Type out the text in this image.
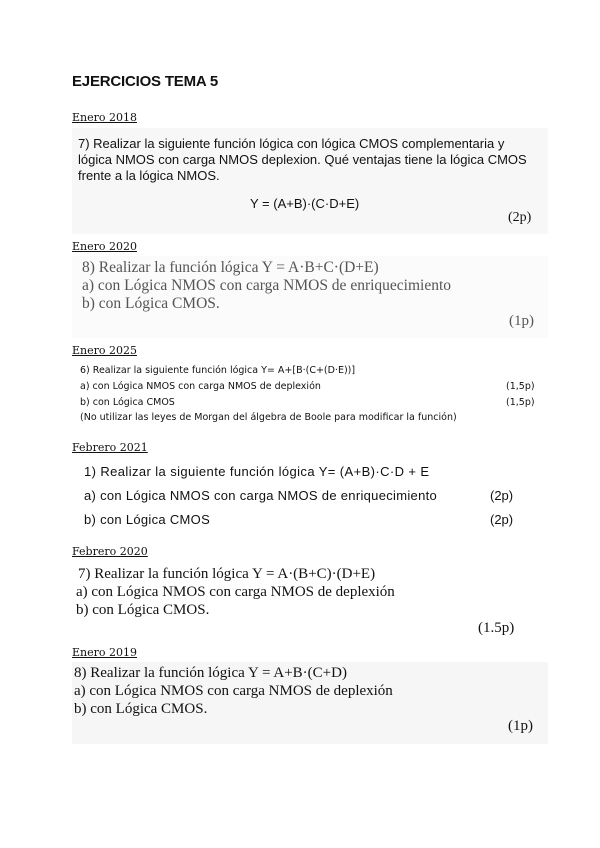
EJERCICIOS TEMA 5
Enero 2018
7) Realizar la siguiente función lógica con lógica CMOS complementaria y
lógica NMOS con carga NMOS deplexion. Qué ventajas tiene la lógica CMOS
frente a la lógica NMOS.
Y = (A+B)·(C·D+E)
(2p)
Enero 2020
8) Realizar la función lógica Y = A·B+C·(D+E)
a) con Lógica NMOS con carga NMOS de enriquecimiento
b) con Lógica CMOS.
(1p)
Enero 2025
6) Realizar la siguiente función lógica Y= A+[B·(C+(D·E))]
a) con Lógica NMOS con carga NMOS de deplexión
b) con Lógica CMOS
(No utilizar las leyes de Morgan del álgebra de Boole para modificar la función)
(1,5p)
(1,5p)
Febrero 2021
1) Realizar la siguiente función lógica Y= (A+B)·C·D + E
a) con Lógica NMOS con carga NMOS de enriquecimiento
b) con Lógica CMOS
(2p)
(2p)
Febrero 2020
7) Realizar la función lógica Y = A·(B+C)·(D+E)
a) con Lógica NMOS con carga NMOS de deplexión
b) con Lógica CMOS.
(1.5p)
Enero 2019
8) Realizar la función lógica Y = A+B·(C+D)
a) con Lógica NMOS con carga NMOS de deplexión
b) con Lógica CMOS.
(1p)
